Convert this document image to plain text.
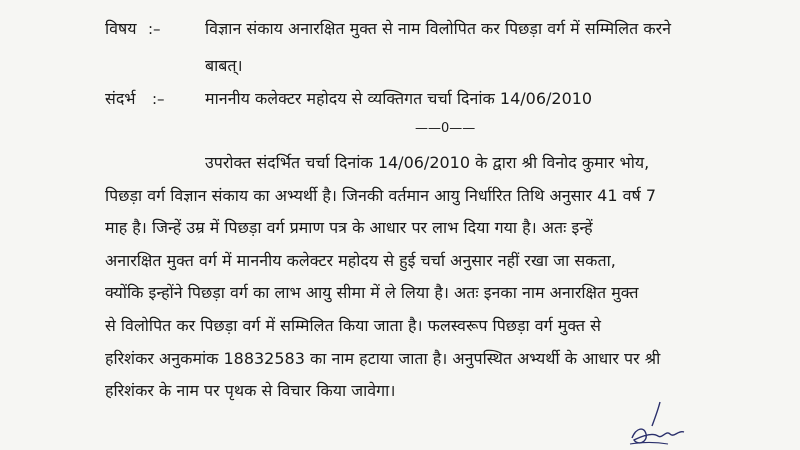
विषय :–	विज्ञान संकाय अनारक्षित मुक्त से नाम विलोपित कर पिछड़ा वर्ग में सम्मिलित करने
बाबत्।
संदर्भ :–	माननीय कलेक्टर महोदय से व्यक्तिगत चर्चा दिनांक 14/06/2010
——0——
उपरोक्त संदर्भित चर्चा दिनांक 14/06/2010 के द्वारा श्री विनोद कुमार भोय,
पिछड़ा वर्ग विज्ञान संकाय का अभ्यर्थी है। जिनकी वर्तमान आयु निर्धारित तिथि अनुसार 41 वर्ष 7
माह है। जिन्हें उम्र में पिछड़ा वर्ग प्रमाण पत्र के आधार पर लाभ दिया गया है। अतः इन्हें
अनारक्षित मुक्त वर्ग में माननीय कलेक्टर महोदय से हुई चर्चा अनुसार नहीं रखा जा सकता,
क्योंकि इन्होंने पिछड़ा वर्ग का लाभ आयु सीमा में ले लिया है। अतः इनका नाम अनारक्षित मुक्त
से विलोपित कर पिछड़ा वर्ग में सम्मिलित किया जाता है। फलस्वरूप पिछड़ा वर्ग मुक्त से
हरिशंकर अनुकमांक 18832583 का नाम हटाया जाता है। अनुपस्थित अभ्यर्थी के आधार पर श्री
हरिशंकर के नाम पर पृथक से विचार किया जावेगा।
